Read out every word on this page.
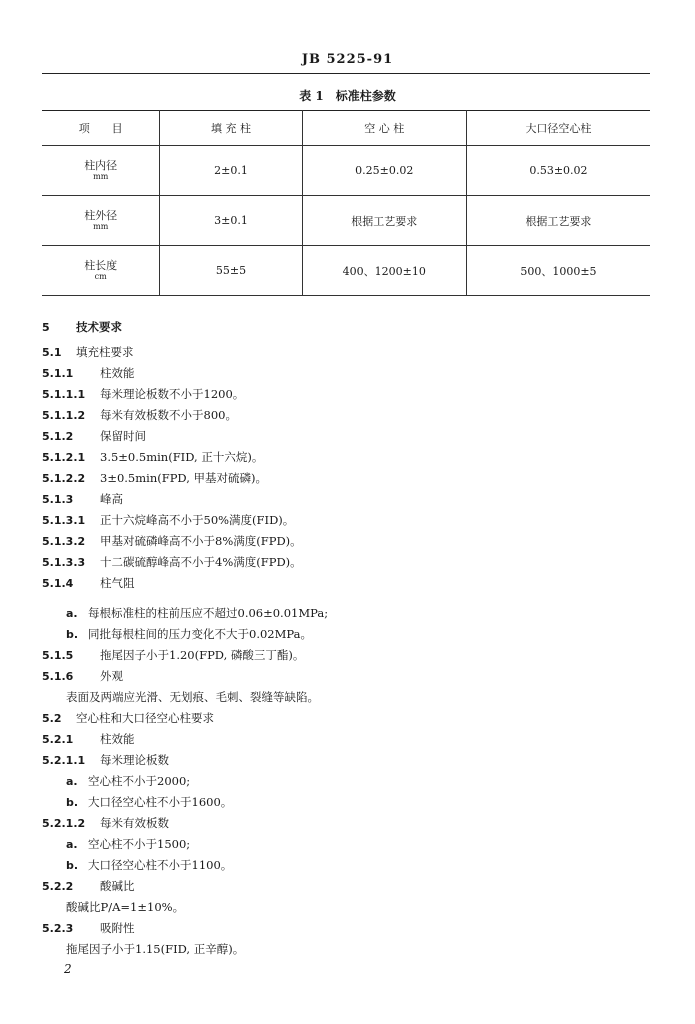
JB 5225-91
表 1　标准柱参数
项　　目	填 充 柱	空 心 柱	大口径空心柱

柱内径
mm	2±0.1	0.25±0.02	0.53±0.02

柱外径
mm	3±0.1	根据工艺要求	根据工艺要求

柱长度
cm	55±5	400、1200±10	500、1000±5
5 技术要求
5.1 填充柱要求
5.1.1 柱效能
5.1.1.1 每米理论板数不小于1200。
5.1.1.2 每米有效板数不小于800。
5.1.2 保留时间
5.1.2.1 3.5±0.5min(FID, 正十六烷)。
5.1.2.2 3±0.5min(FPD, 甲基对硫磷)。
5.1.3 峰高
5.1.3.1 正十六烷峰高不小于50%满度(FID)。
5.1.3.2 甲基对硫磷峰高不小于8%满度(FPD)。
5.1.3.3 十二碳硫醇峰高不小于4%满度(FPD)。
5.1.4 柱气阻
a. 每根标准柱的柱前压应不超过0.06±0.01MPa;
b. 同批每根柱间的压力变化不大于0.02MPa。
5.1.5 拖尾因子小于1.20(FPD, 磷酸三丁酯)。
5.1.6 外观
表面及两端应光滑、无划痕、毛刺、裂缝等缺陷。
5.2 空心柱和大口径空心柱要求
5.2.1 柱效能
5.2.1.1 每米理论板数
a. 空心柱不小于2000;
b. 大口径空心柱不小于1600。
5.2.1.2 每米有效板数
a. 空心柱不小于1500;
b. 大口径空心柱不小于1100。
5.2.2 酸碱比
酸碱比P/A=1±10%。
5.2.3 吸附性
拖尾因子小于1.15(FID, 正辛醇)。
2
